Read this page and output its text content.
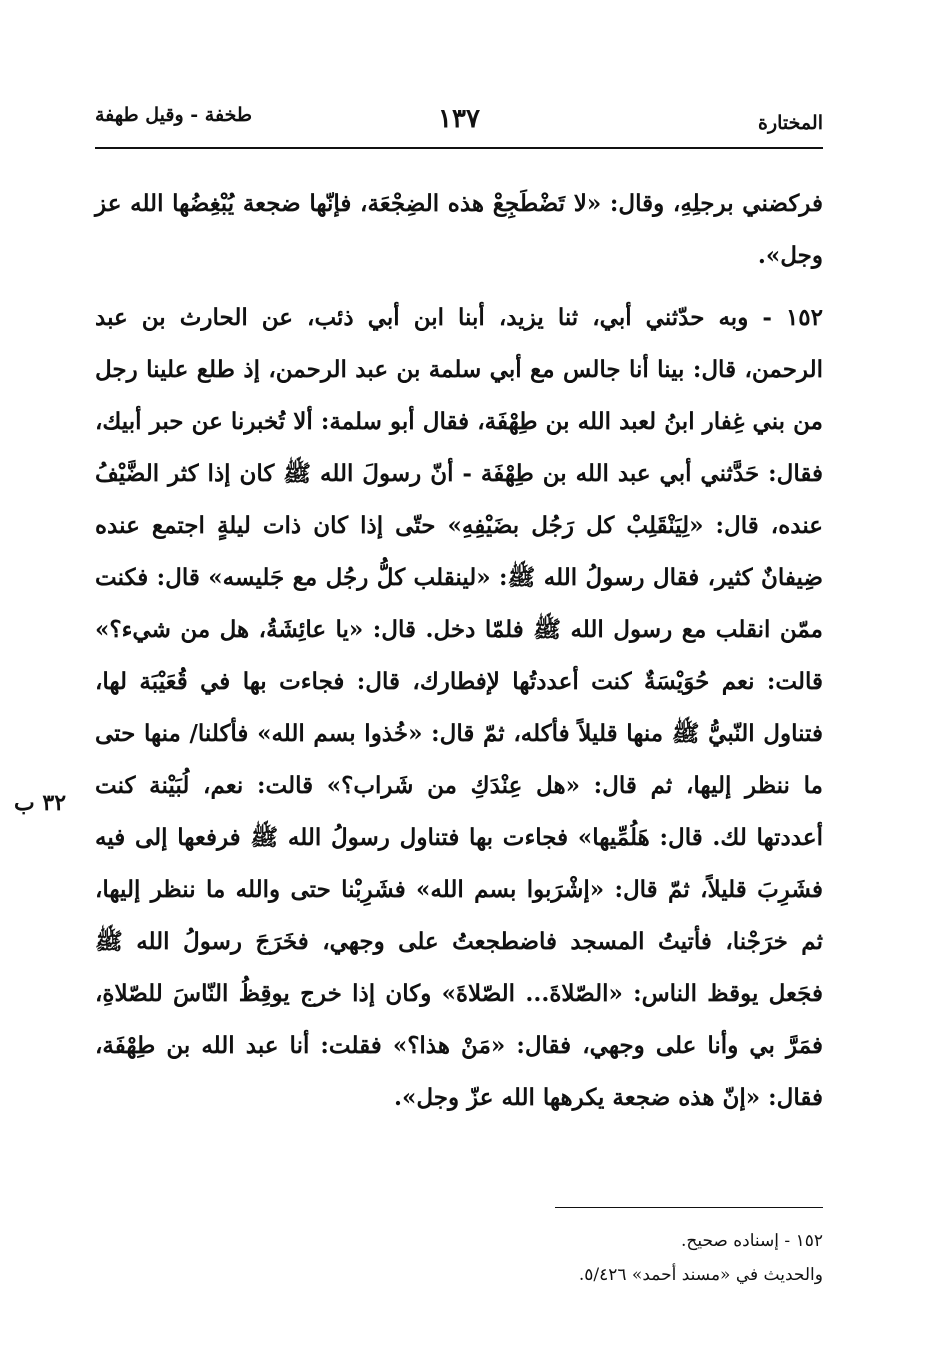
المختارة
١٣٧
طخفة - وقيل طهفة

فركضني برجلِهِ، وقال: «لا تَضْطَجِعْ هذه الضِجْعَة، فإنّها ضجعة يُبْغِضُها الله عز وجل».

١٥٢ - وبه حدّثني أبي، ثنا يزيد، أبنا ابن أبي ذئب، عن الحارث بن عبد الرحمن، قال: بينا أنا جالس مع أبي سلمة بن عبد الرحمن، إذ طلع علينا رجل من بني غِفار ابنُ لعبد الله بن طِهْفَة، فقال أبو سلمة: ألا تُخبرنا عن حبر أبيك، فقال: حَدَّثني أبي عبد الله بن طِهْفَة - أنّ رسولَ الله ﷺ كان إذا كثر الضَّيْفُ عنده، قال: «لِيَنْقَلِبْ كل رَجُل بضَيْفِهِ» حتّى إذا كان ذات ليلةٍ اجتمع عنده ضِيفانٌ كثير، فقال رسولُ الله ﷺ: «لينقلب كلُّ رجُل مع جَليسه» قال: فكنت ممّن انقلب مع رسول الله ﷺ فلمّا دخل. قال: «يا عائِشَةُ، هل من شيء؟» قالت: نعم حُوَيْسَةٌ كنت أعددتُها لإفطارك، قال: فجاءت بها في قُعَيْبَة لها، فتناول النّبيُّ ﷺ منها قليلاً فأكله، ثمّ قال: «خُذوا بسم الله» فأكلنا/ منها حتى ما ننظر إليها، ثم قال: «هل عِنْدَكِ من شَراب؟» قالت: نعم، لُبَيْنة كنت أعددتها لك. قال: هَلُمِّيها» فجاءت بها فتناول رسولُ الله ﷺ فرفعها إلى فيه فشَرِبَ قليلاً، ثمّ قال: «إشْرَبوا بسم الله» فشَرِبْنا حتى والله ما ننظر إليها، ثم خرَجْنا، فأتيتُ المسجد فاضطجعتُ على وجهي، فخَرَجَ رسولُ الله ﷺ فجَعل يوقظ الناس: «الصّلاةَ... الصّلاةَ» وكان إذا خرج يوقِظُ النّاسَ للصّلاةِ، فمَرَّ بي وأنا على وجهي، فقال: «مَنْ هذا؟» فقلت: أنا عبد الله بن طِهْفَة، فقال: «إنّ هذه ضجعة يكرهها الله عزّ وجل».

٣٢ ب

١٥٢ - إسناده صحيح.

والحديث في «مسند أحمد» ٥/٤٢٦.
